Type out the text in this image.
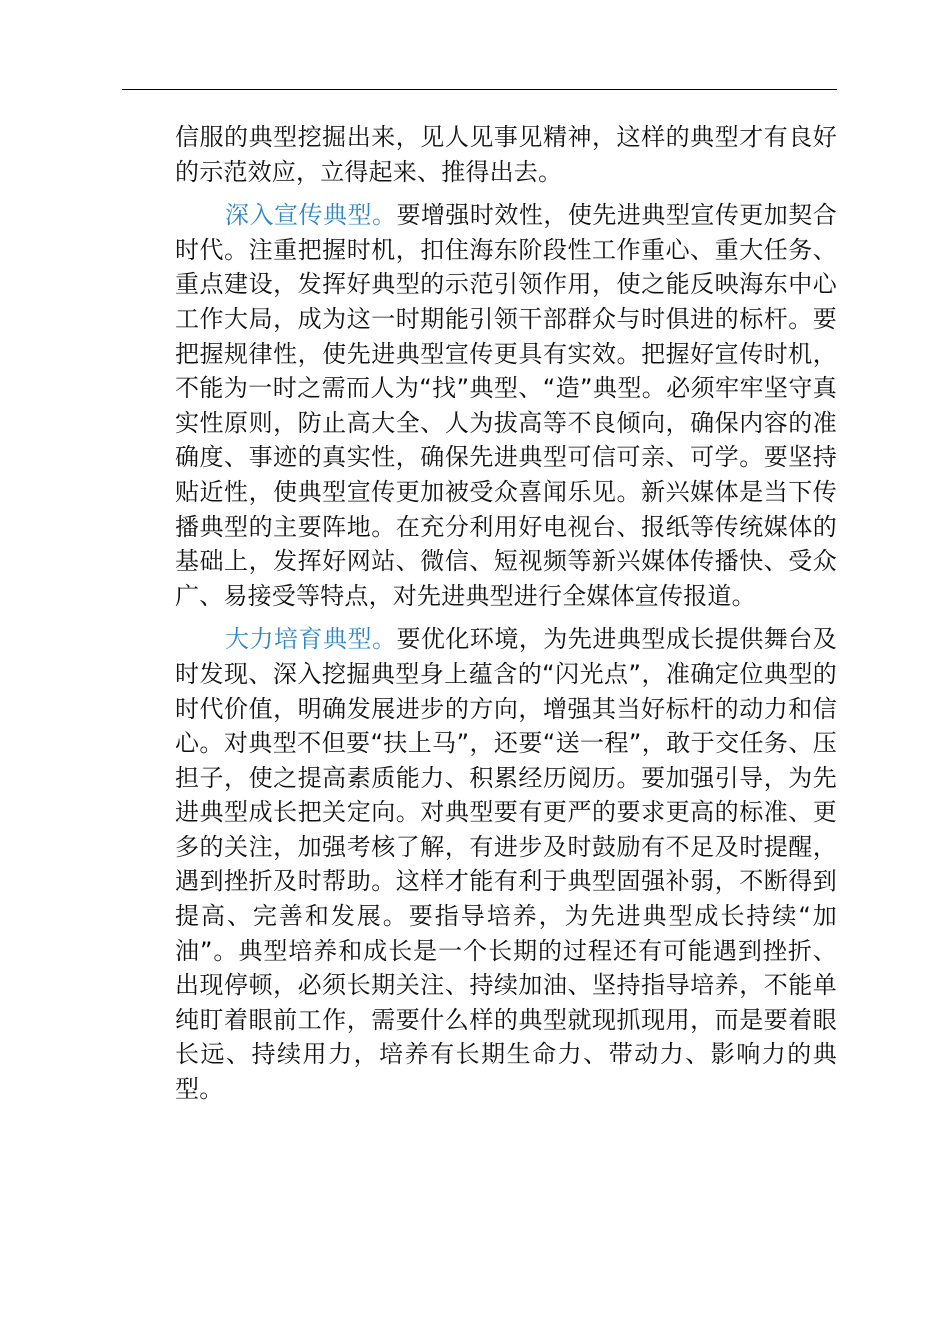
信服的典型挖掘出来，见人见事见精神，这样的典型才有良好的示范效应，立得起来、推得出去。

深入宣传典型。要增强时效性，使先进典型宣传更加契合时代。注重把握时机，扣住海东阶段性工作重心、重大任务、重点建设，发挥好典型的示范引领作用，使之能反映海东中心工作大局，成为这一时期能引领干部群众与时俱进的标杆。要把握规律性，使先进典型宣传更具有实效。把握好宣传时机，不能为一时之需而人为“找”典型、“造”典型。必须牢牢坚守真实性原则，防止高大全、人为拔高等不良倾向，确保内容的准确度、事迹的真实性，确保先进典型可信可亲、可学。要坚持贴近性，使典型宣传更加被受众喜闻乐见。新兴媒体是当下传播典型的主要阵地。在充分利用好电视台、报纸等传统媒体的基础上，发挥好网站、微信、短视频等新兴媒体传播快、受众广、易接受等特点，对先进典型进行全媒体宣传报道。

大力培育典型。要优化环境，为先进典型成长提供舞台及时发现、深入挖掘典型身上蕴含的“闪光点”，准确定位典型的时代价值，明确发展进步的方向，增强其当好标杆的动力和信心。对典型不但要“扶上马”，还要“送一程”，敢于交任务、压担子，使之提高素质能力、积累经历阅历。要加强引导，为先进典型成长把关定向。对典型要有更严的要求更高的标准、更多的关注，加强考核了解，有进步及时鼓励有不足及时提醒，遇到挫折及时帮助。这样才能有利于典型固强补弱，不断得到提高、完善和发展。要指导培养，为先进典型成长持续“加油”。典型培养和成长是一个长期的过程还有可能遇到挫折、出现停顿，必须长期关注、持续加油、坚持指导培养，不能单纯盯着眼前工作，需要什么样的典型就现抓现用，而是要着眼长远、持续用力，培养有长期生命力、带动力、影响力的典型。
